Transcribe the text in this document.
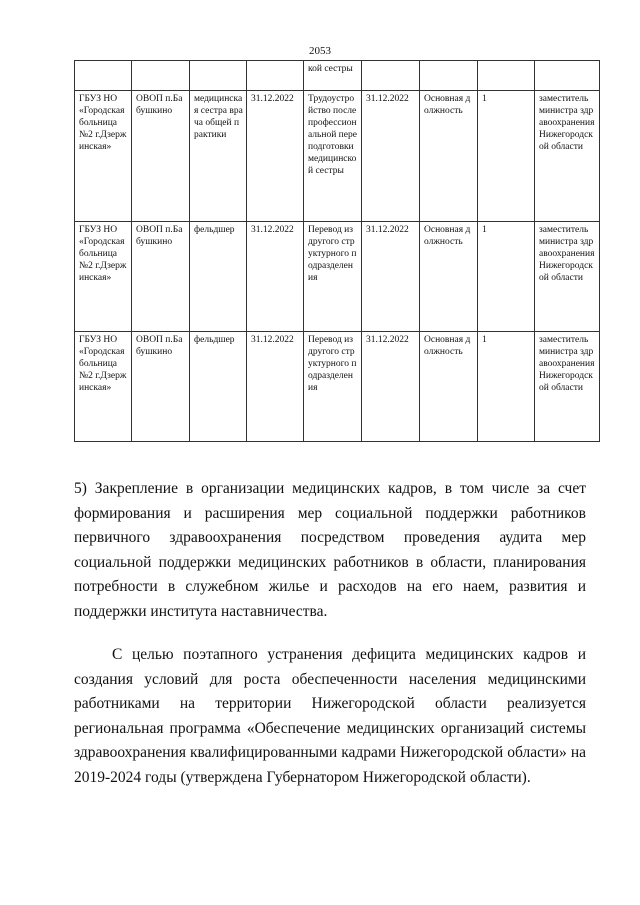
2053
				кой сестры				
ГБУЗ НО «Городская больница №2 г.Дзержинская»	ОВОП п.Бабушкино	медицинская сестра врача общей практики	31.12.2022	Трудоустройство после профессиональной переподготовки медицинской сестры	31.12.2022	Основная должность	1	заместитель министра здравоохранения Нижегородской области
ГБУЗ НО «Городская больница №2 г.Дзержинская»	ОВОП п.Бабушкино	фельдшер	31.12.2022	Перевод из другого структурного подразделения	31.12.2022	Основная должность	1	заместитель министра здравоохранения Нижегородской области
ГБУЗ НО «Городская больница №2 г.Дзержинская»	ОВОП п.Бабушкино	фельдшер	31.12.2022	Перевод из другого структурного подразделения	31.12.2022	Основная должность	1	заместитель министра здравоохранения Нижегородской области

5) Закрепление в организации медицинских кадров, в том числе за счет формирования и расширения мер социальной поддержки работников первичного здравоохранения посредством проведения аудита мер социальной поддержки медицинских работников в области, планирования потребности в служебном жилье и расходов на его наем, развития и поддержки института наставничества.

С целью поэтапного устранения дефицита медицинских кадров и создания условий для роста обеспеченности населения медицинскими работниками на территории Нижегородской области реализуется региональная программа «Обеспечение медицинских организаций системы здравоохранения квалифицированными кадрами Нижегородской области» на 2019-2024 годы (утверждена Губернатором Нижегородской области).
